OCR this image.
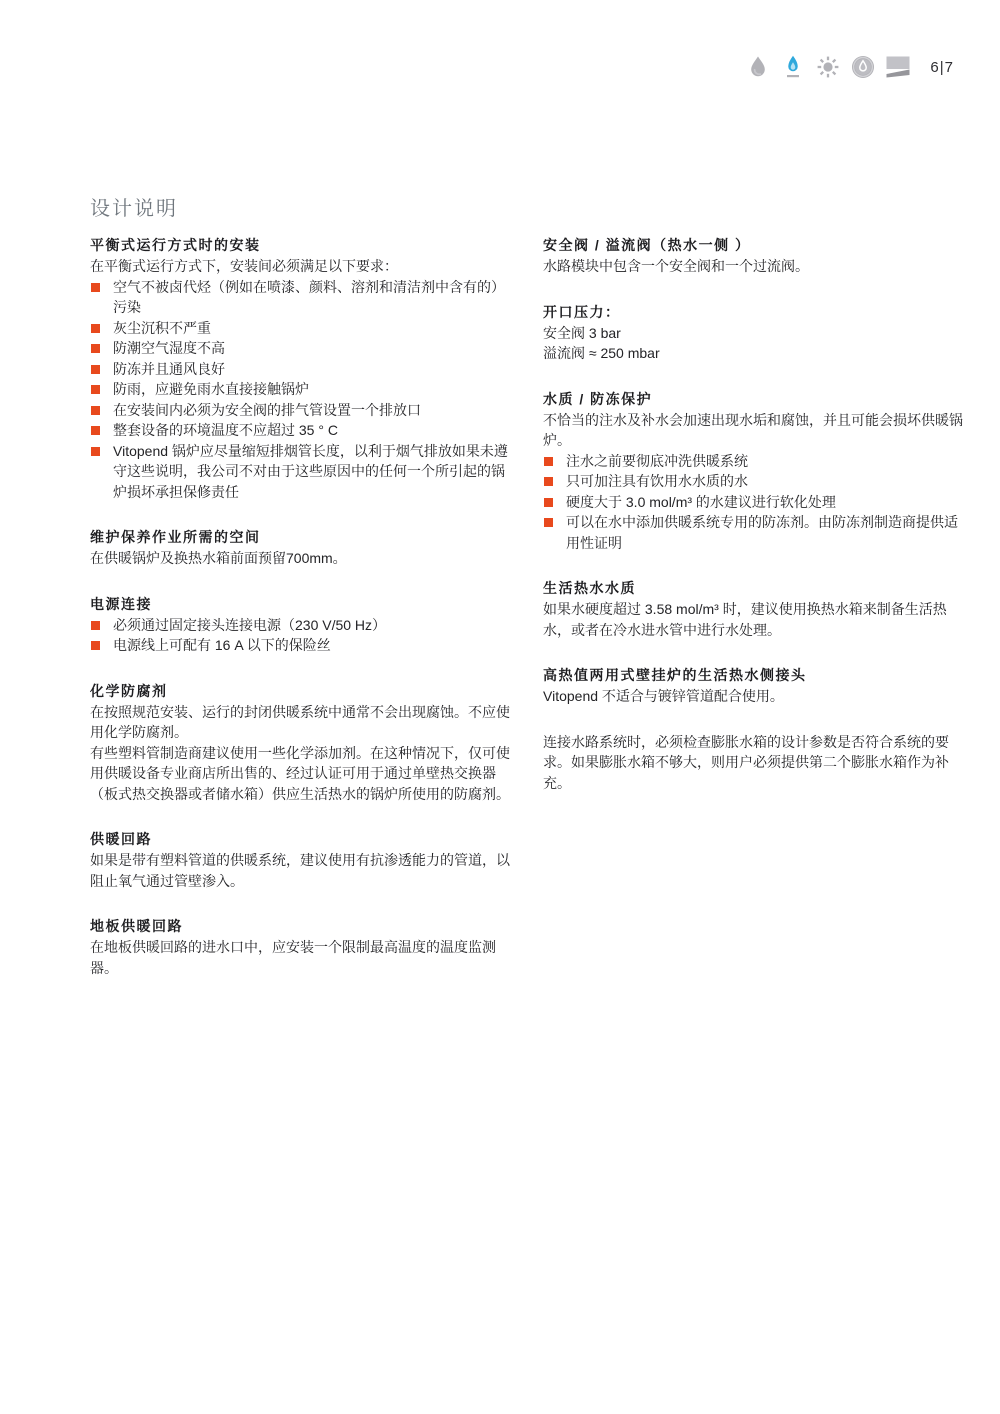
6|7
设计说明
平衡式运行方式时的安装

在平衡式运行方式下，安装间必须满足以下要求：

空气不被卤代烃（例如在喷漆、颜料、溶剂和清洁剂中含有的）污染
灰尘沉积不严重
防潮空气湿度不高
防冻并且通风良好
防雨，应避免雨水直接接触锅炉
在安装间内必须为安全阀的排气管设置一个排放口
整套设备的环境温度不应超过 35 ° C
Vitopend 锅炉应尽量缩短排烟管长度，以利于烟气排放如果未遵守这些说明，我公司不对由于这些原因中的任何一个所引起的锅炉损坏承担保修责任
维护保养作业所需的空间

在供暖锅炉及换热水箱前面预留700mm。

电源连接
必须通过固定接头连接电源（230 V/50 Hz）
电源线上可配有 16 A 以下的保险丝
化学防腐剂

在按照规范安装、运行的封闭供暖系统中通常不会出现腐蚀。不应使用化学防腐剂。

有些塑料管制造商建议使用一些化学添加剂。在这种情况下，仅可使用供暖设备专业商店所出售的、经过认证可用于通过单壁热交换器（板式热交换器或者储水箱）供应生活热水的锅炉所使用的防腐剂。

供暖回路

如果是带有塑料管道的供暖系统，建议使用有抗渗透能力的管道，以阻止氧气通过管壁渗入。

地板供暖回路

在地板供暖回路的进水口中，应安装一个限制最高温度的温度监测器。

安全阀 / 溢流阀（热水一侧 ）

水路模块中包含一个安全阀和一个过流阀。

开口压力：

安全阀 3 bar

溢流阀 ≈ 250 mbar

水质 / 防冻保护

不恰当的注水及补水会加速出现水垢和腐蚀，并且可能会损坏供暖锅炉。

注水之前要彻底冲洗供暖系统
只可加注具有饮用水水质的水
硬度大于 3.0 mol/m³ 的水建议进行软化处理
可以在水中添加供暖系统专用的防冻剂。由防冻剂制造商提供适用性证明
生活热水水质

如果水硬度超过 3.58 mol/m³ 时，建议使用换热水箱来制备生活热水，或者在冷水进水管中进行水处理。

高热值两用式壁挂炉的生活热水侧接头

Vitopend 不适合与镀锌管道配合使用。

连接水路系统时，必须检查膨胀水箱的设计参数是否符合系统的要求。如果膨胀水箱不够大，则用户必须提供第二个膨胀水箱作为补充。
